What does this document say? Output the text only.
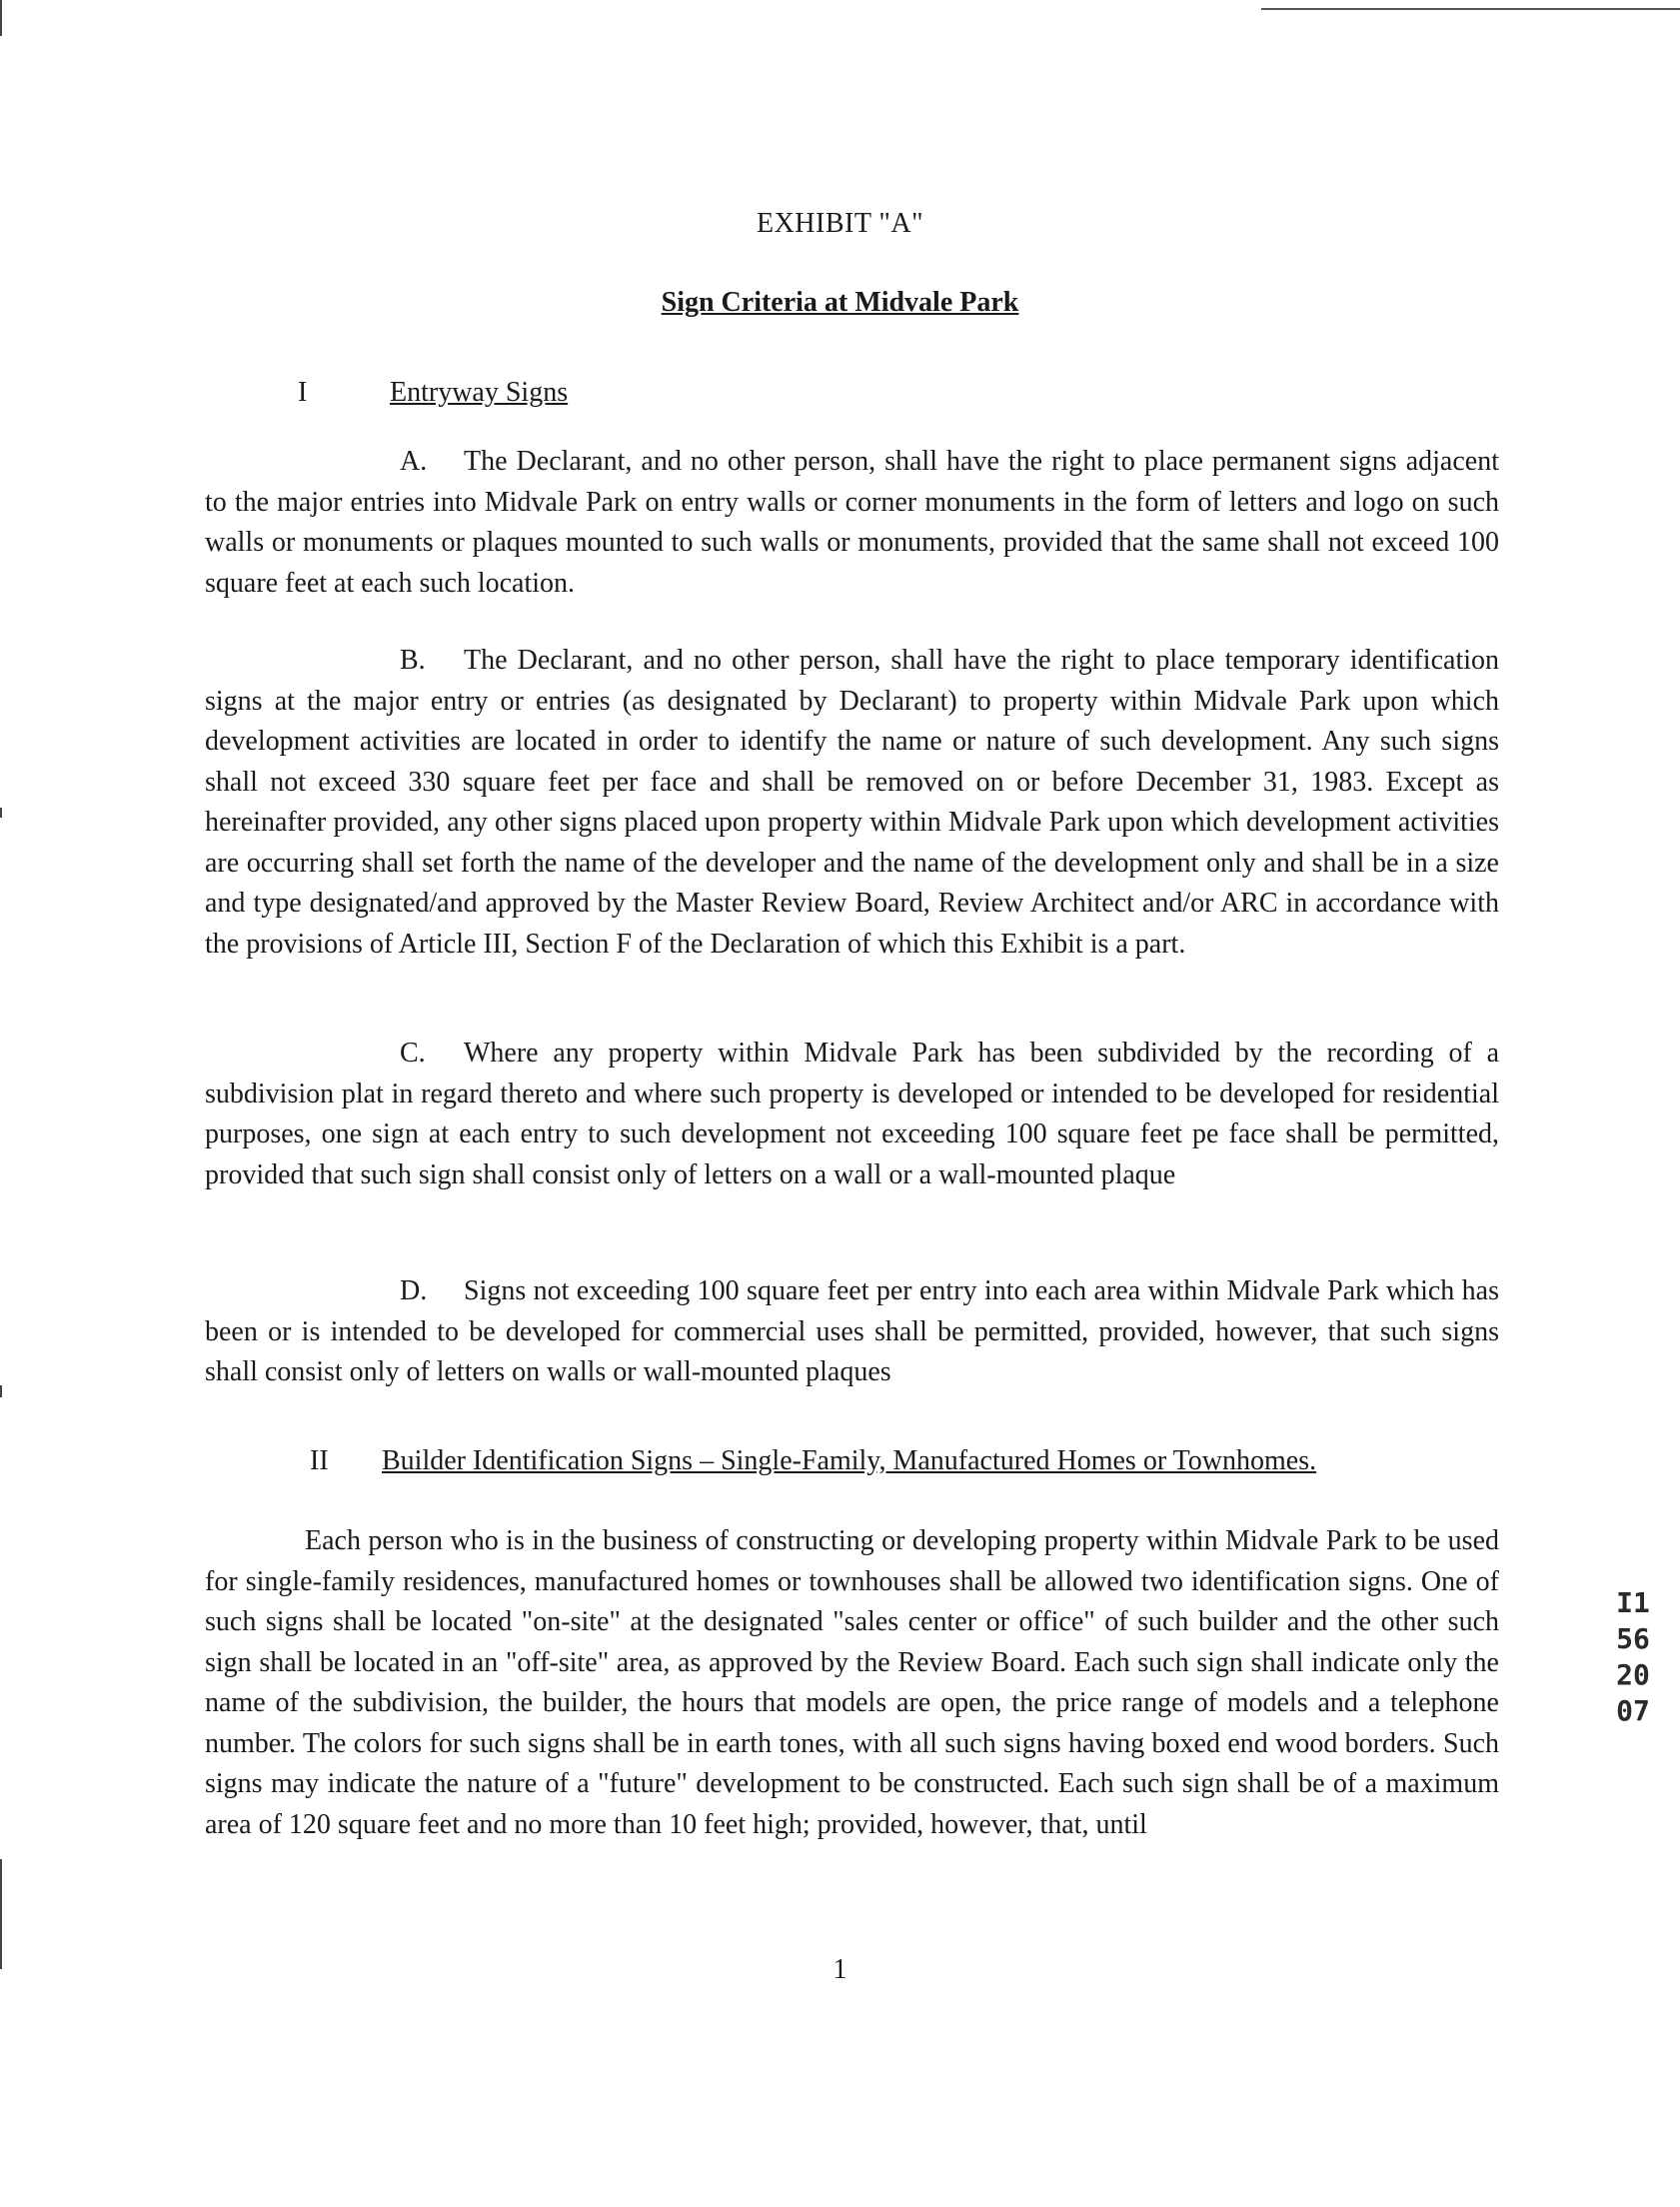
EXHIBIT "A"
Sign Criteria at Midvale Park
I	Entryway Signs
A. The Declarant, and no other person, shall have the right to place permanent signs adjacent to the major entries into Midvale Park on entry walls or corner monuments in the form of letters and logo on such walls or monuments or plaques mounted to such walls or monuments, provided that the same shall not exceed 100 square feet at each such location.
B. The Declarant, and no other person, shall have the right to place temporary identification signs at the major entry or entries (as designated by Declarant) to property within Midvale Park upon which development activities are located in order to identify the name or nature of such development. Any such signs shall not exceed 330 square feet per face and shall be removed on or before December 31, 1983. Except as hereinafter provided, any other signs placed upon property within Midvale Park upon which development activities are occurring shall set forth the name of the developer and the name of the development only and shall be in a size and type designated/and approved by the Master Review Board, Review Architect and/or ARC in accordance with the provisions of Article III, Section F of the Declaration of which this Exhibit is a part.
C. Where any property within Midvale Park has been subdivided by the recording of a subdivision plat in regard thereto and where such property is developed or intended to be developed for residential purposes, one sign at each entry to such development not exceeding 100 square feet pe face shall be permitted, provided that such sign shall consist only of letters on a wall or a wall-mounted plaque
D. Signs not exceeding 100 square feet per entry into each area within Midvale Park which has been or is intended to be developed for commercial uses shall be permitted, provided, however, that such signs shall consist only of letters on walls or wall-mounted plaques
II Builder Identification Signs – Single-Family, Manufactured Homes or Townhomes.
Each person who is in the business of constructing or developing property within Midvale Park to be used for single-family residences, manufactured homes or townhouses shall be allowed two identification signs. One of such signs shall be located "on-site" at the designated "sales center or office" of such builder and the other such sign shall be located in an "off-site" area, as approved by the Review Board. Each such sign shall indicate only the name of the subdivision, the builder, the hours that models are open, the price range of models and a telephone number. The colors for such signs shall be in earth tones, with all such signs having boxed end wood borders. Such signs may indicate the nature of a "future" development to be constructed. Each such sign shall be of a maximum area of 120 square feet and no more than 10 feet high; provided, however, that, until
I156 2007
1
